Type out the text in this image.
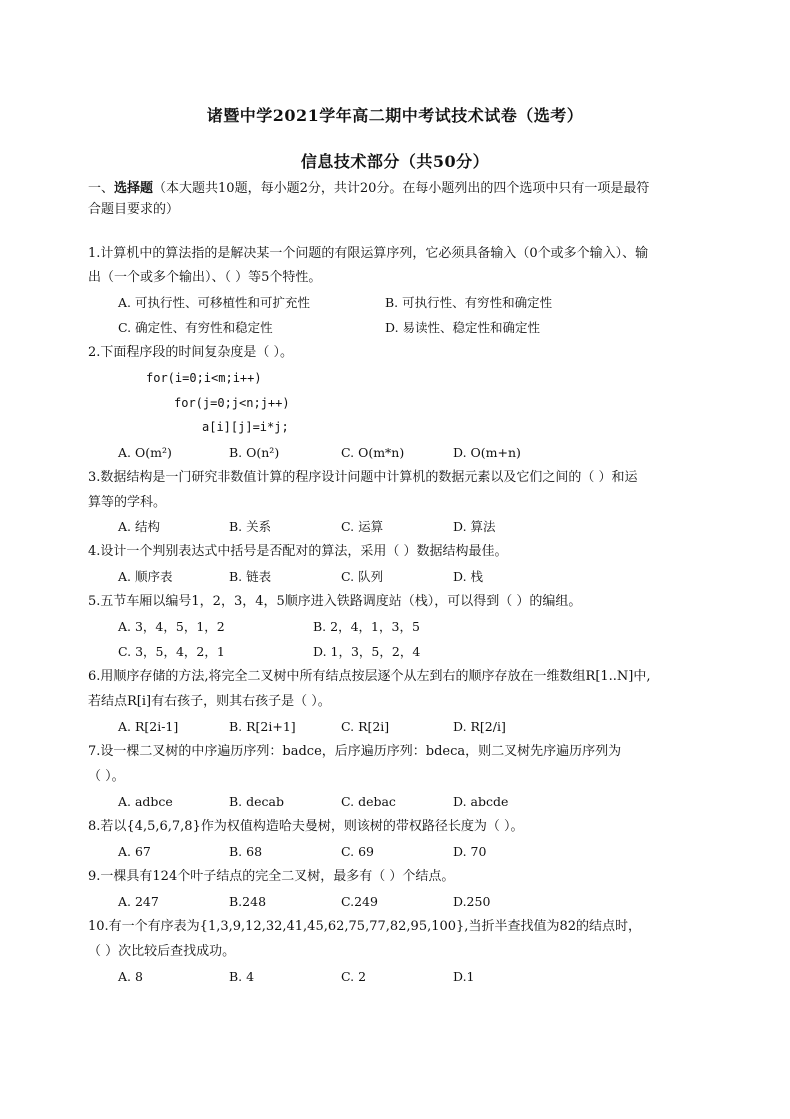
诸暨中学2021学年高二期中考试技术试卷（选考）
信息技术部分（共50分）
一、选择题（本大题共10题，每小题2分，共计20分。在每小题列出的四个选项中只有一项是最符
合题目要求的）
1.计算机中的算法指的是解决某一个问题的有限运算序列，它必须具备输入（0个或多个输入）、输
出（一个或多个输出）、（ ）等5个特性。
A. 可执行性、可移植性和可扩充性	B. 可执行性、有穷性和确定性
C. 确定性、有穷性和稳定性	D. 易读性、稳定性和确定性
2.下面程序段的时间复杂度是（ ）。
for(i=0;i<m;i++)
for(j=0;j<n;j++)
a[i][j]=i*j;
A. O(m²)	B. O(n²)	C. O(m*n)	D. O(m+n)
3.数据结构是一门研究非数值计算的程序设计问题中计算机的数据元素以及它们之间的（ ）和运
算等的学科。
A. 结构	B. 关系	C. 运算	D. 算法
4.设计一个判别表达式中括号是否配对的算法，采用（ ）数据结构最佳。
A. 顺序表	B. 链表	C. 队列	D. 栈
5.五节车厢以编号1，2，3，4，5顺序进入铁路调度站（栈），可以得到（ ）的编组。
A. 3，4，5，1，2	B. 2，4，1，3，5
C. 3，5，4，2，1	D. 1，3，5，2，4
6.用顺序存储的方法,将完全二叉树中所有结点按层逐个从左到右的顺序存放在一维数组R[1..N]中,
若结点R[i]有右孩子，则其右孩子是（ ）。
A. R[2i-1]	B. R[2i+1]	C. R[2i]	D. R[2/i]
7.设一棵二叉树的中序遍历序列：badce，后序遍历序列：bdeca，则二叉树先序遍历序列为
（ ）。
A. adbce	B. decab	C. debac	D. abcde
8.若以{4,5,6,7,8}作为权值构造哈夫曼树，则该树的带权路径长度为（ ）。
A. 67	B. 68	C. 69	D. 70
9.一棵具有124个叶子结点的完全二叉树，最多有（ ）个结点。
A. 247	B.248	C.249	D.250
10.有一个有序表为{1,3,9,12,32,41,45,62,75,77,82,95,100},当折半查找值为82的结点时，
（ ）次比较后查找成功。
A. 8	B. 4	C. 2	D.1
